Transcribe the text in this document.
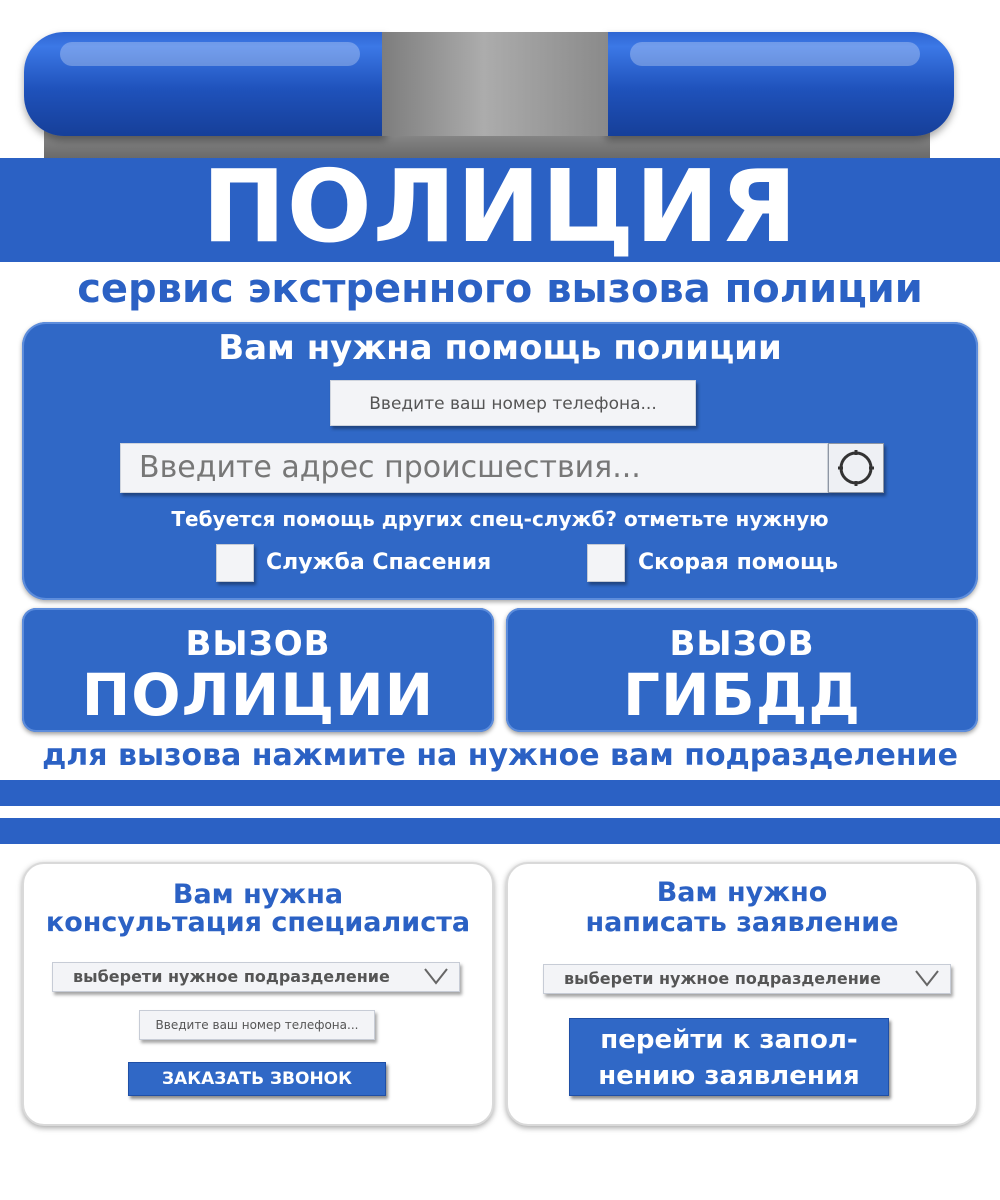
ПОЛИЦИЯ
сервис экстренного вызова полиции
Вам нужна помощь полиции
Введите ваш номер телефона...
Введите адрес происшествия...
Тебуется помощь других спец-служб? отметьте нужную
Служба Спасения	Скорая помощь
ВЫЗОВ
ПОЛИЦИИ
ВЫЗОВ
ГИБДД
для вызова нажмите на нужное вам подразделение
Вам нужна
консультация специалиста
выберети нужное подразделение
Введите ваш номер телефона...
ЗАКАЗАТЬ ЗВОНОК
Вам нужно
написать заявление
выберети нужное подразделение
перейти к запол-
нению заявления
